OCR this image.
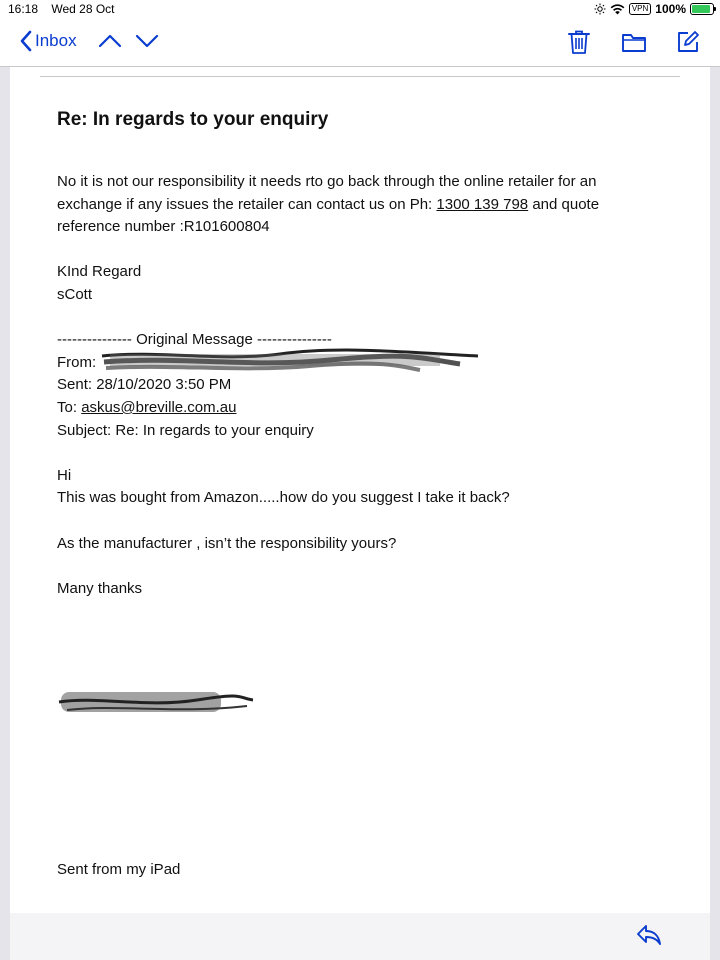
16:18 Wed 28 Oct	VPN 100%
Inbox
Re: In regards to your enquiry

No it is not our responsibility it needs rto go back through the online retailer for an exchange if any issues the retailer can contact us on Ph: 1300 139 798 and quote reference number :R101600804

KInd Regard

sCott

--------------- Original Message ---------------

From:

Sent: 28/10/2020 3:50 PM

To: askus@breville.com.au

Subject: Re: In regards to your enquiry

Hi

This was bought from Amazon.....how do you suggest I take it back?

As the manufacturer , isn’t the responsibility yours?

Many thanks

Sent from my iPad
